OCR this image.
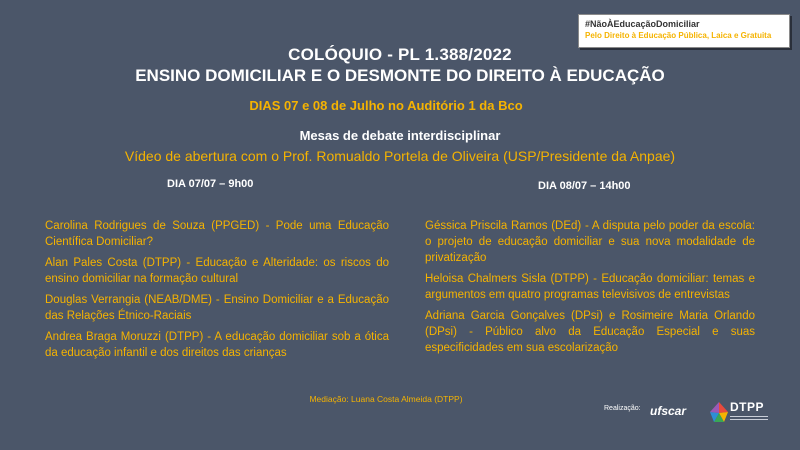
#NãoÀEducaçãoDomiciliar
Pelo Direito à Educação Pública, Laica e Gratuita
COLÓQUIO - PL 1.388/2022
ENSINO DOMICILIAR E O DESMONTE DO DIREITO À EDUCAÇÃO
DIAS 07 e 08 de Julho no Auditório 1 da Bco
Mesas de debate interdisciplinar
Vídeo de abertura com o Prof. Romualdo Portela de Oliveira (USP/Presidente da Anpae)
DIA 07/07 – 9h00	DIA 08/07 – 14h00
Carolina Rodrigues de Souza (PPGED) - Pode uma Educação Científica Domiciliar?
Alan Pales Costa (DTPP) - Educação e Alteridade: os riscos do ensino domiciliar na formação cultural
Douglas Verrangia (NEAB/DME) - Ensino Domiciliar e a Educação das Relações Étnico-Raciais
Andrea Braga Moruzzi (DTPP) - A educação domiciliar sob a ótica da educação infantil e dos direitos das crianças
Géssica Priscila Ramos (DEd) - A disputa pelo poder da escola: o projeto de educação domiciliar e sua nova modalidade de privatização
Heloisa Chalmers Sisla (DTPP) - Educação domiciliar: temas e argumentos em quatro programas televisivos de entrevistas
Adriana Garcia Gonçalves (DPsi) e Rosimeire Maria Orlando (DPsi) - Público alvo da Educação Especial e suas especificidades em sua escolarização
Mediação: Luana Costa Almeida (DTPP)
Realização: ufscar	DTPP
